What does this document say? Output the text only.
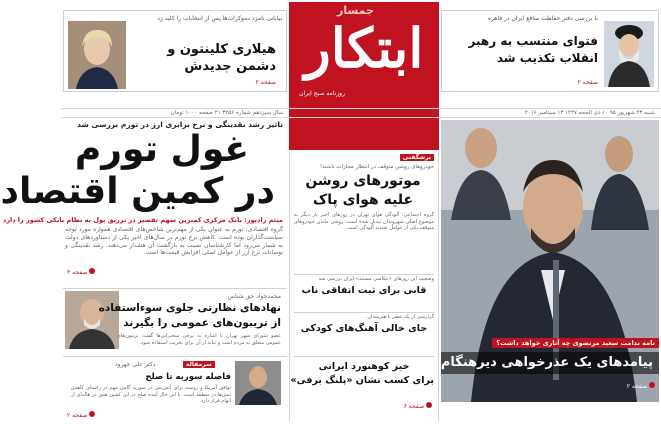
جمسار
ابتکار
روزنامه صبح ایران
سال سیزدهم شماره ۳۲۵۶ ۲۱ صفحه ۱۰۰۰ تومان	شنبه ۲۳ شهریور ۹۵ ۱۰ ذی الحجه ۱۴۳۷ ۱۳ سپتامبر ۲۰۱۶
بیاناتی نامزد دموکرات‌ها پس از انتخابات را کلید زد
هیلاری کلینتون و دشمن جدیدش
صفحه ۲
با بررسی دفتر حفاظت منافع ایران در قاهره
فتوای منتسب به رهبر انقلاب تکذیب شد
صفحه ۲
تاثیر رشد نقدینگی و نرخ برابری ارز در تورم بررسی شد
غول تورم
در کمین اقتصاد
میثم رادپور: بانک مرکزی کمترین سهم تقصیر در تزریق پول به نظام بانکی کشور را دارد
گروه اقتصادی: تورم به عنوان یکی از مهم‌ترین شاخص‌های اقتصادی همواره مورد توجه سیاست‌گذاران بوده است. کاهش نرخ تورم در سال‌های اخیر یکی از دستاوردهای دولت به شمار می‌رود اما کارشناسان نسبت به بازگشت آن هشدار می‌دهند. رشد نقدینگی و نوسانات نرخ ارز از عوامل اصلی افزایش قیمت‌ها است.
صفحه ۳
محمدجواد حق شناس
نهادهای نظارتی جلوی سوءاستفاده
از تریبون‌های عمومی را بگیرند
عضو شورای شهر تهران با اشاره به برخی سخنرانی‌ها گفت: تریبون‌های عمومی متعلق به مردم است و نباید از آن برای تخریب استفاده شود.
سرمقاله
دکتر علی جهرود
فاصله سوریه تا صلح
توافق آمریکا و روسیه برای آتش‌بس در سوریه گامی مهم در راستای کاهش تنش‌ها در منطقه است. با این حال آینده صلح در این کشور هنوز در هاله‌ای از ابهام قرار دارد.
صفحه ۲
برشگفتی
خودروهای روشن متوقف در انتظار مجازات باشند!
موتورهای روشن
علیه هوای پاک
گروه اجتماعی: آلودگی هوای تهران در روزهای اخیر بار دیگر به موضوع اصلی شهروندان تبدیل شده است. روشن ماندن خودروهای متوقف یکی از عوامل تشدید آلودگی است.
وضعیت این روزهای «عکاسی مستند» ایران بررسی شد
قابی برای ثبت اتفاقی ناب
گزارشی از یک عصر با هنرمندان
جای خالی آهنگ‌های کودکی
خیز کوهنورد ایرانی
برای کسب نشان «پلنگ برفی»
صفحه ۶
نامه ندامت سعید مرتضوی چه آثاری خواهد داشت؟
پیامدهای یک عذرخواهی دیرهنگام
صفحه ۲
